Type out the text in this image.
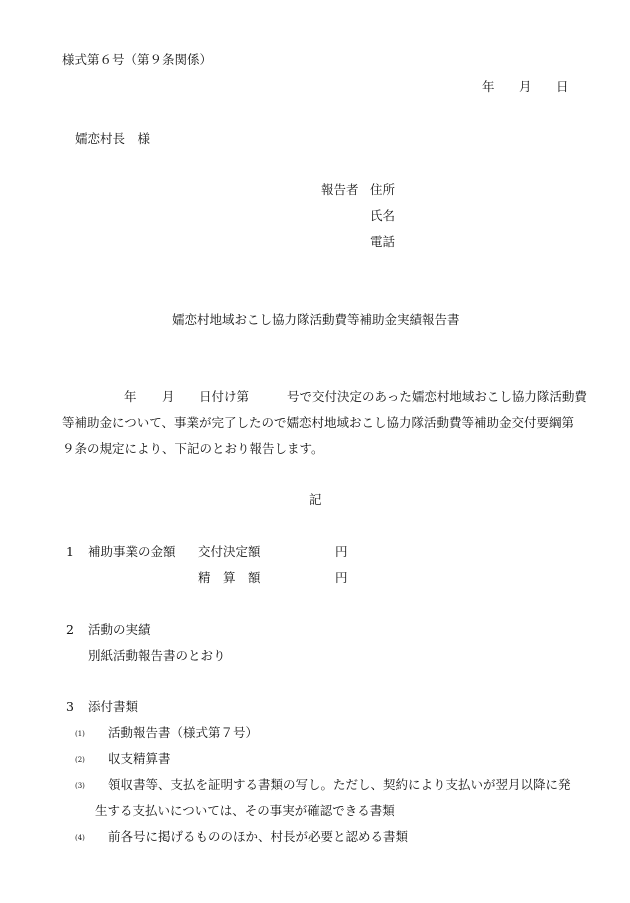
様式第６号（第９条関係）
年 月 日
嬬恋村長　様
報告者 住所
氏名
電話
嬬恋村地域おこし協力隊活動費等補助金実績報告書
年 月 日付け第	号で交付決定のあった嬬恋村地域おこし協力隊活動費
等補助金について、事業が完了したので嬬恋村地域おこし協力隊活動費等補助金交付要綱第
９条の規定により、下記のとおり報告します。
記
1 補助事業の金額 交付決定額	円
精　算　額	円
2 活動の実績
別紙活動報告書のとおり
3 添付書類
(1) 活動報告書（様式第７号）
(2) 収支精算書
(3) 領収書等、支払を証明する書類の写し。ただし、契約により支払いが翌月以降に発
生する支払いについては、その事実が確認できる書類
(4) 前各号に掲げるもののほか、村長が必要と認める書類
